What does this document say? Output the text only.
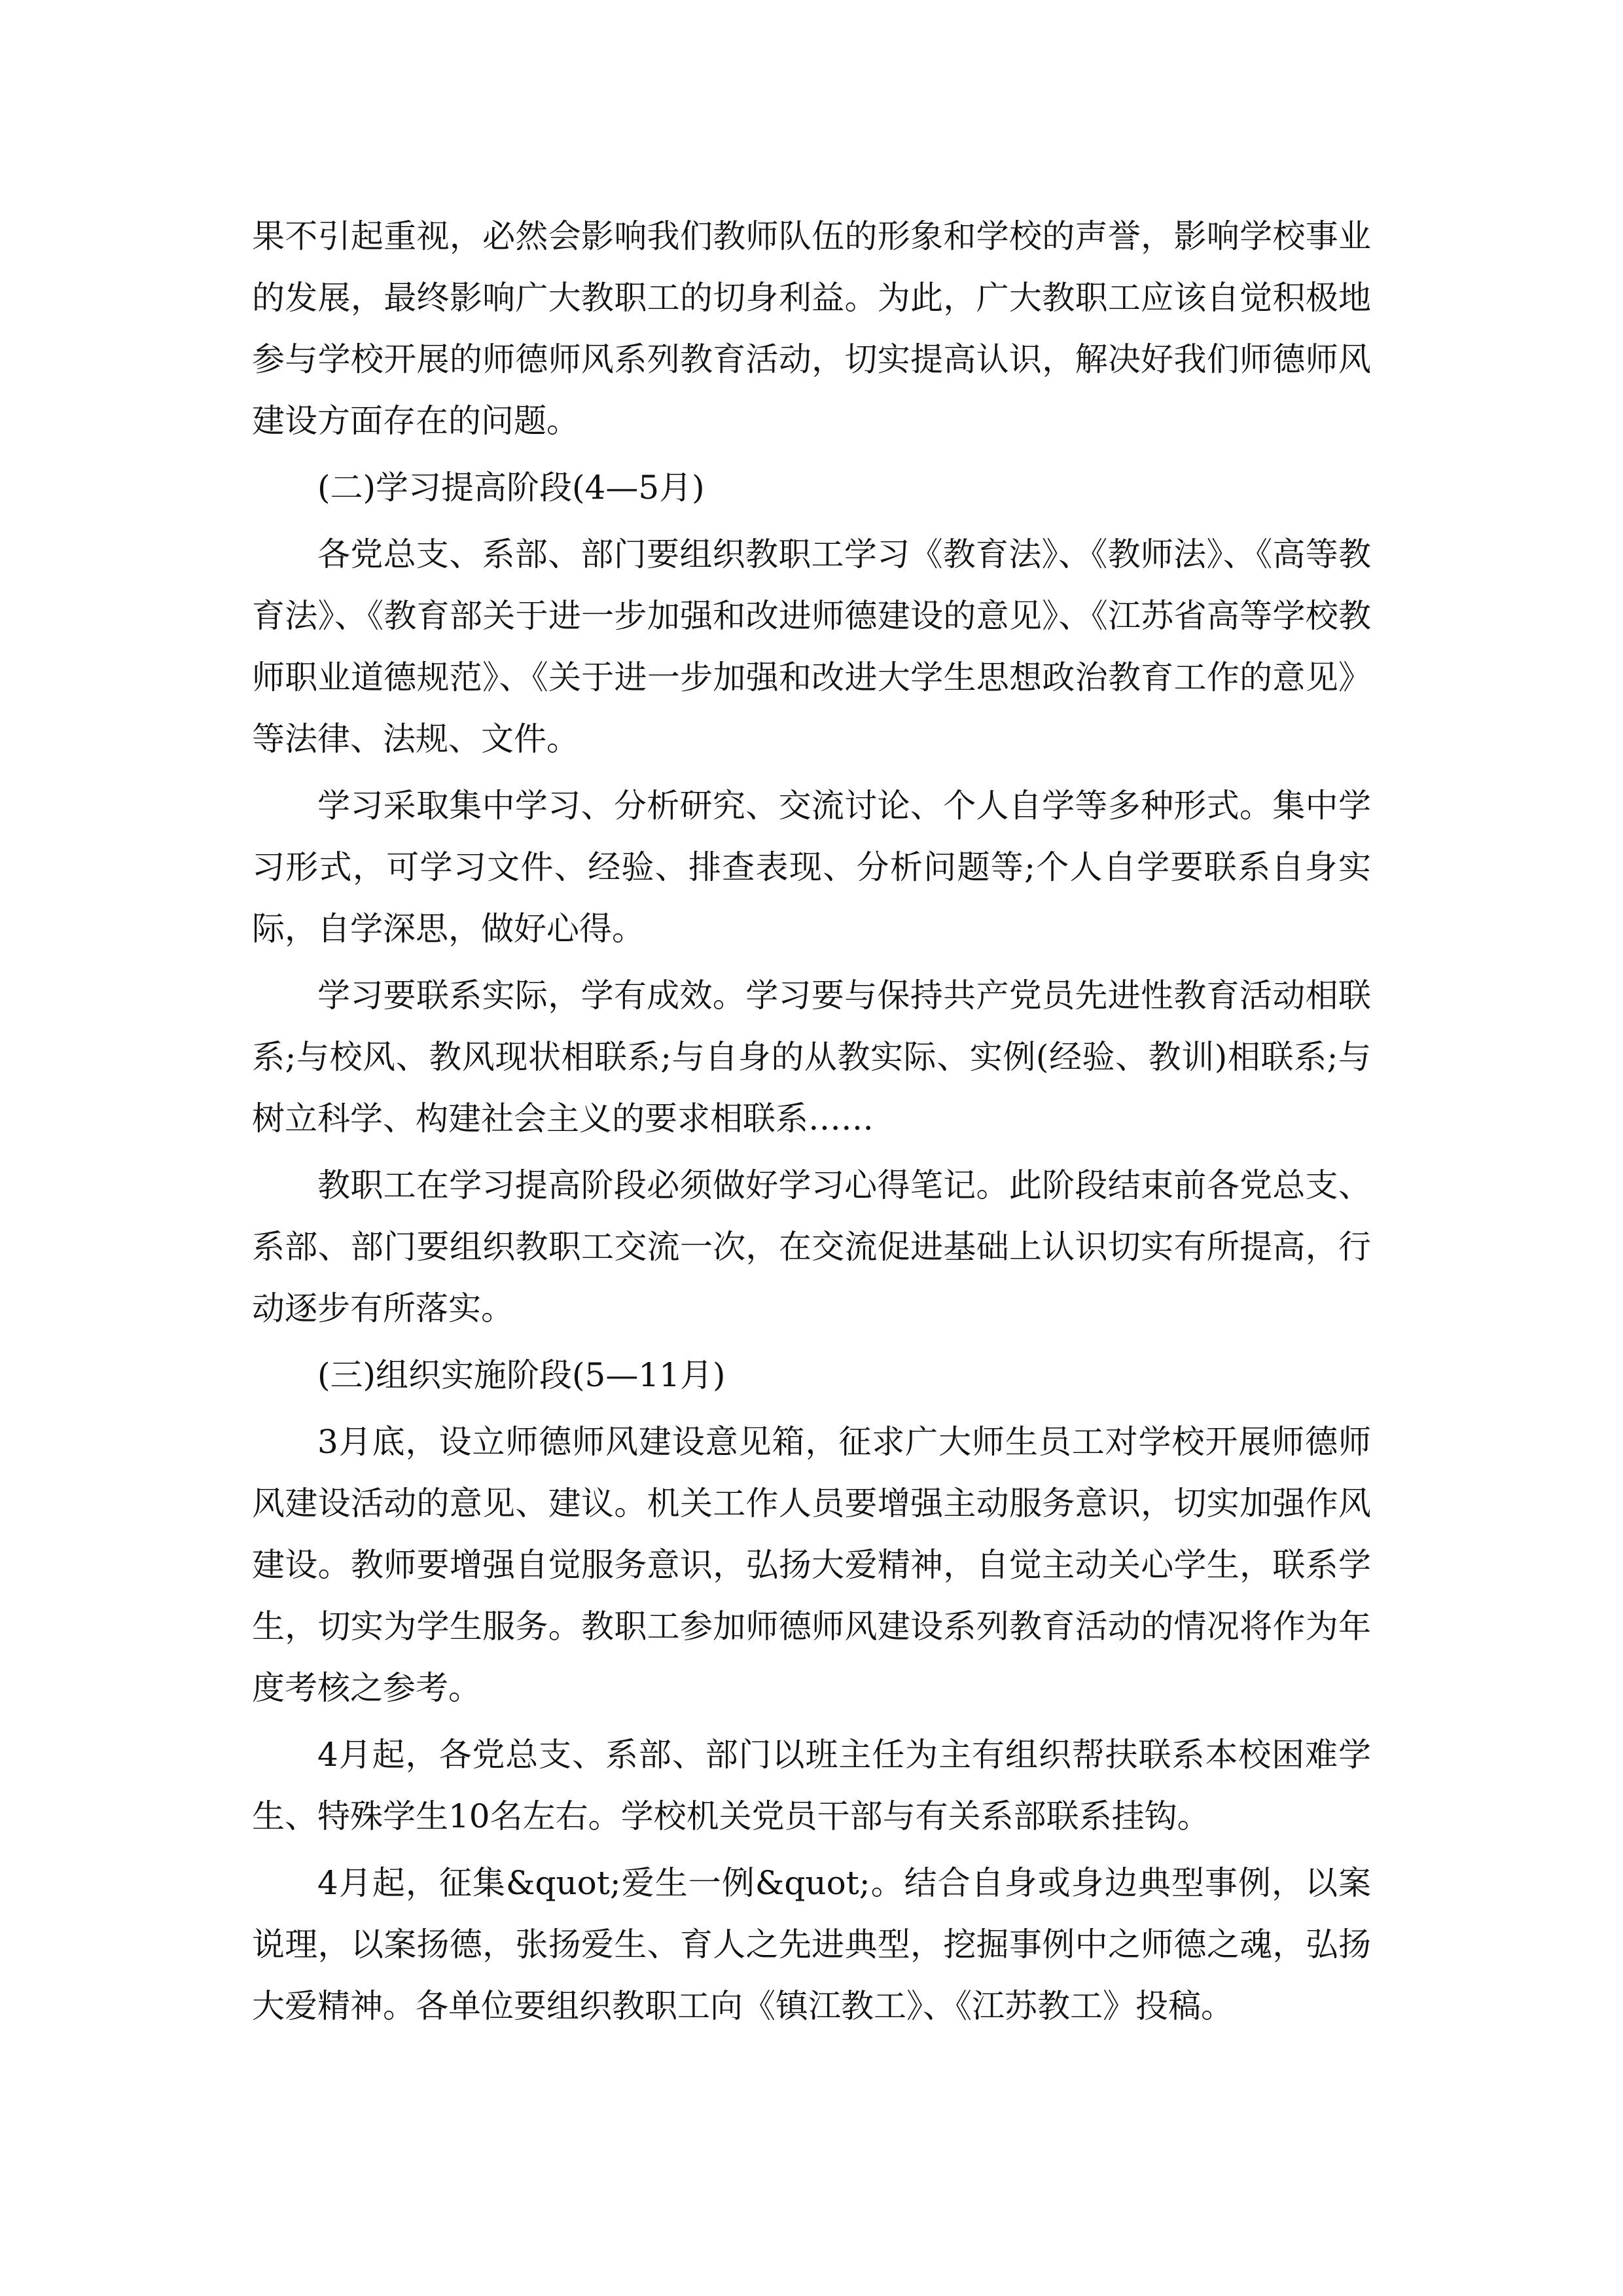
果不引起重视，必然会影响我们教师队伍的形象和学校的声誉，影响学校事业的发展，最终影响广大教职工的切身利益。为此，广大教职工应该自觉积极地参与学校开展的师德师风系列教育活动，切实提高认识，解决好我们师德师风建设方面存在的问题。

(二)学习提高阶段(4—5月)

各党总支、系部、部门要组织教职工学习《教育法》、《教师法》、《高等教育法》、《教育部关于进一步加强和改进师德建设的意见》、《江苏省高等学校教师职业道德规范》、《关于进一步加强和改进大学生思想政治教育工作的意见》等法律、法规、文件。

学习采取集中学习、分析研究、交流讨论、个人自学等多种形式。集中学习形式，可学习文件、经验、排查表现、分析问题等;个人自学要联系自身实际，自学深思，做好心得。

学习要联系实际，学有成效。学习要与保持共产党员先进性教育活动相联系;与校风、教风现状相联系;与自身的从教实际、实例(经验、教训)相联系;与树立科学、构建社会主义的要求相联系……

教职工在学习提高阶段必须做好学习心得笔记。此阶段结束前各党总支、系部、部门要组织教职工交流一次，在交流促进基础上认识切实有所提高，行动逐步有所落实。

(三)组织实施阶段(5—11月)

3月底，设立师德师风建设意见箱，征求广大师生员工对学校开展师德师风建设活动的意见、建议。机关工作人员要增强主动服务意识，切实加强作风建设。教师要增强自觉服务意识，弘扬大爱精神，自觉主动关心学生，联系学生，切实为学生服务。教职工参加师德师风建设系列教育活动的情况将作为年度考核之参考。

4月起，各党总支、系部、部门以班主任为主有组织帮扶联系本校困难学生、特殊学生10名左右。学校机关党员干部与有关系部联系挂钩。

4月起，征集&quot;爱生一例&quot;。结合自身或身边典型事例，以案说理，以案扬德，张扬爱生、育人之先进典型，挖掘事例中之师德之魂，弘扬大爱精神。各单位要组织教职工向《镇江教工》、《江苏教工》投稿。
